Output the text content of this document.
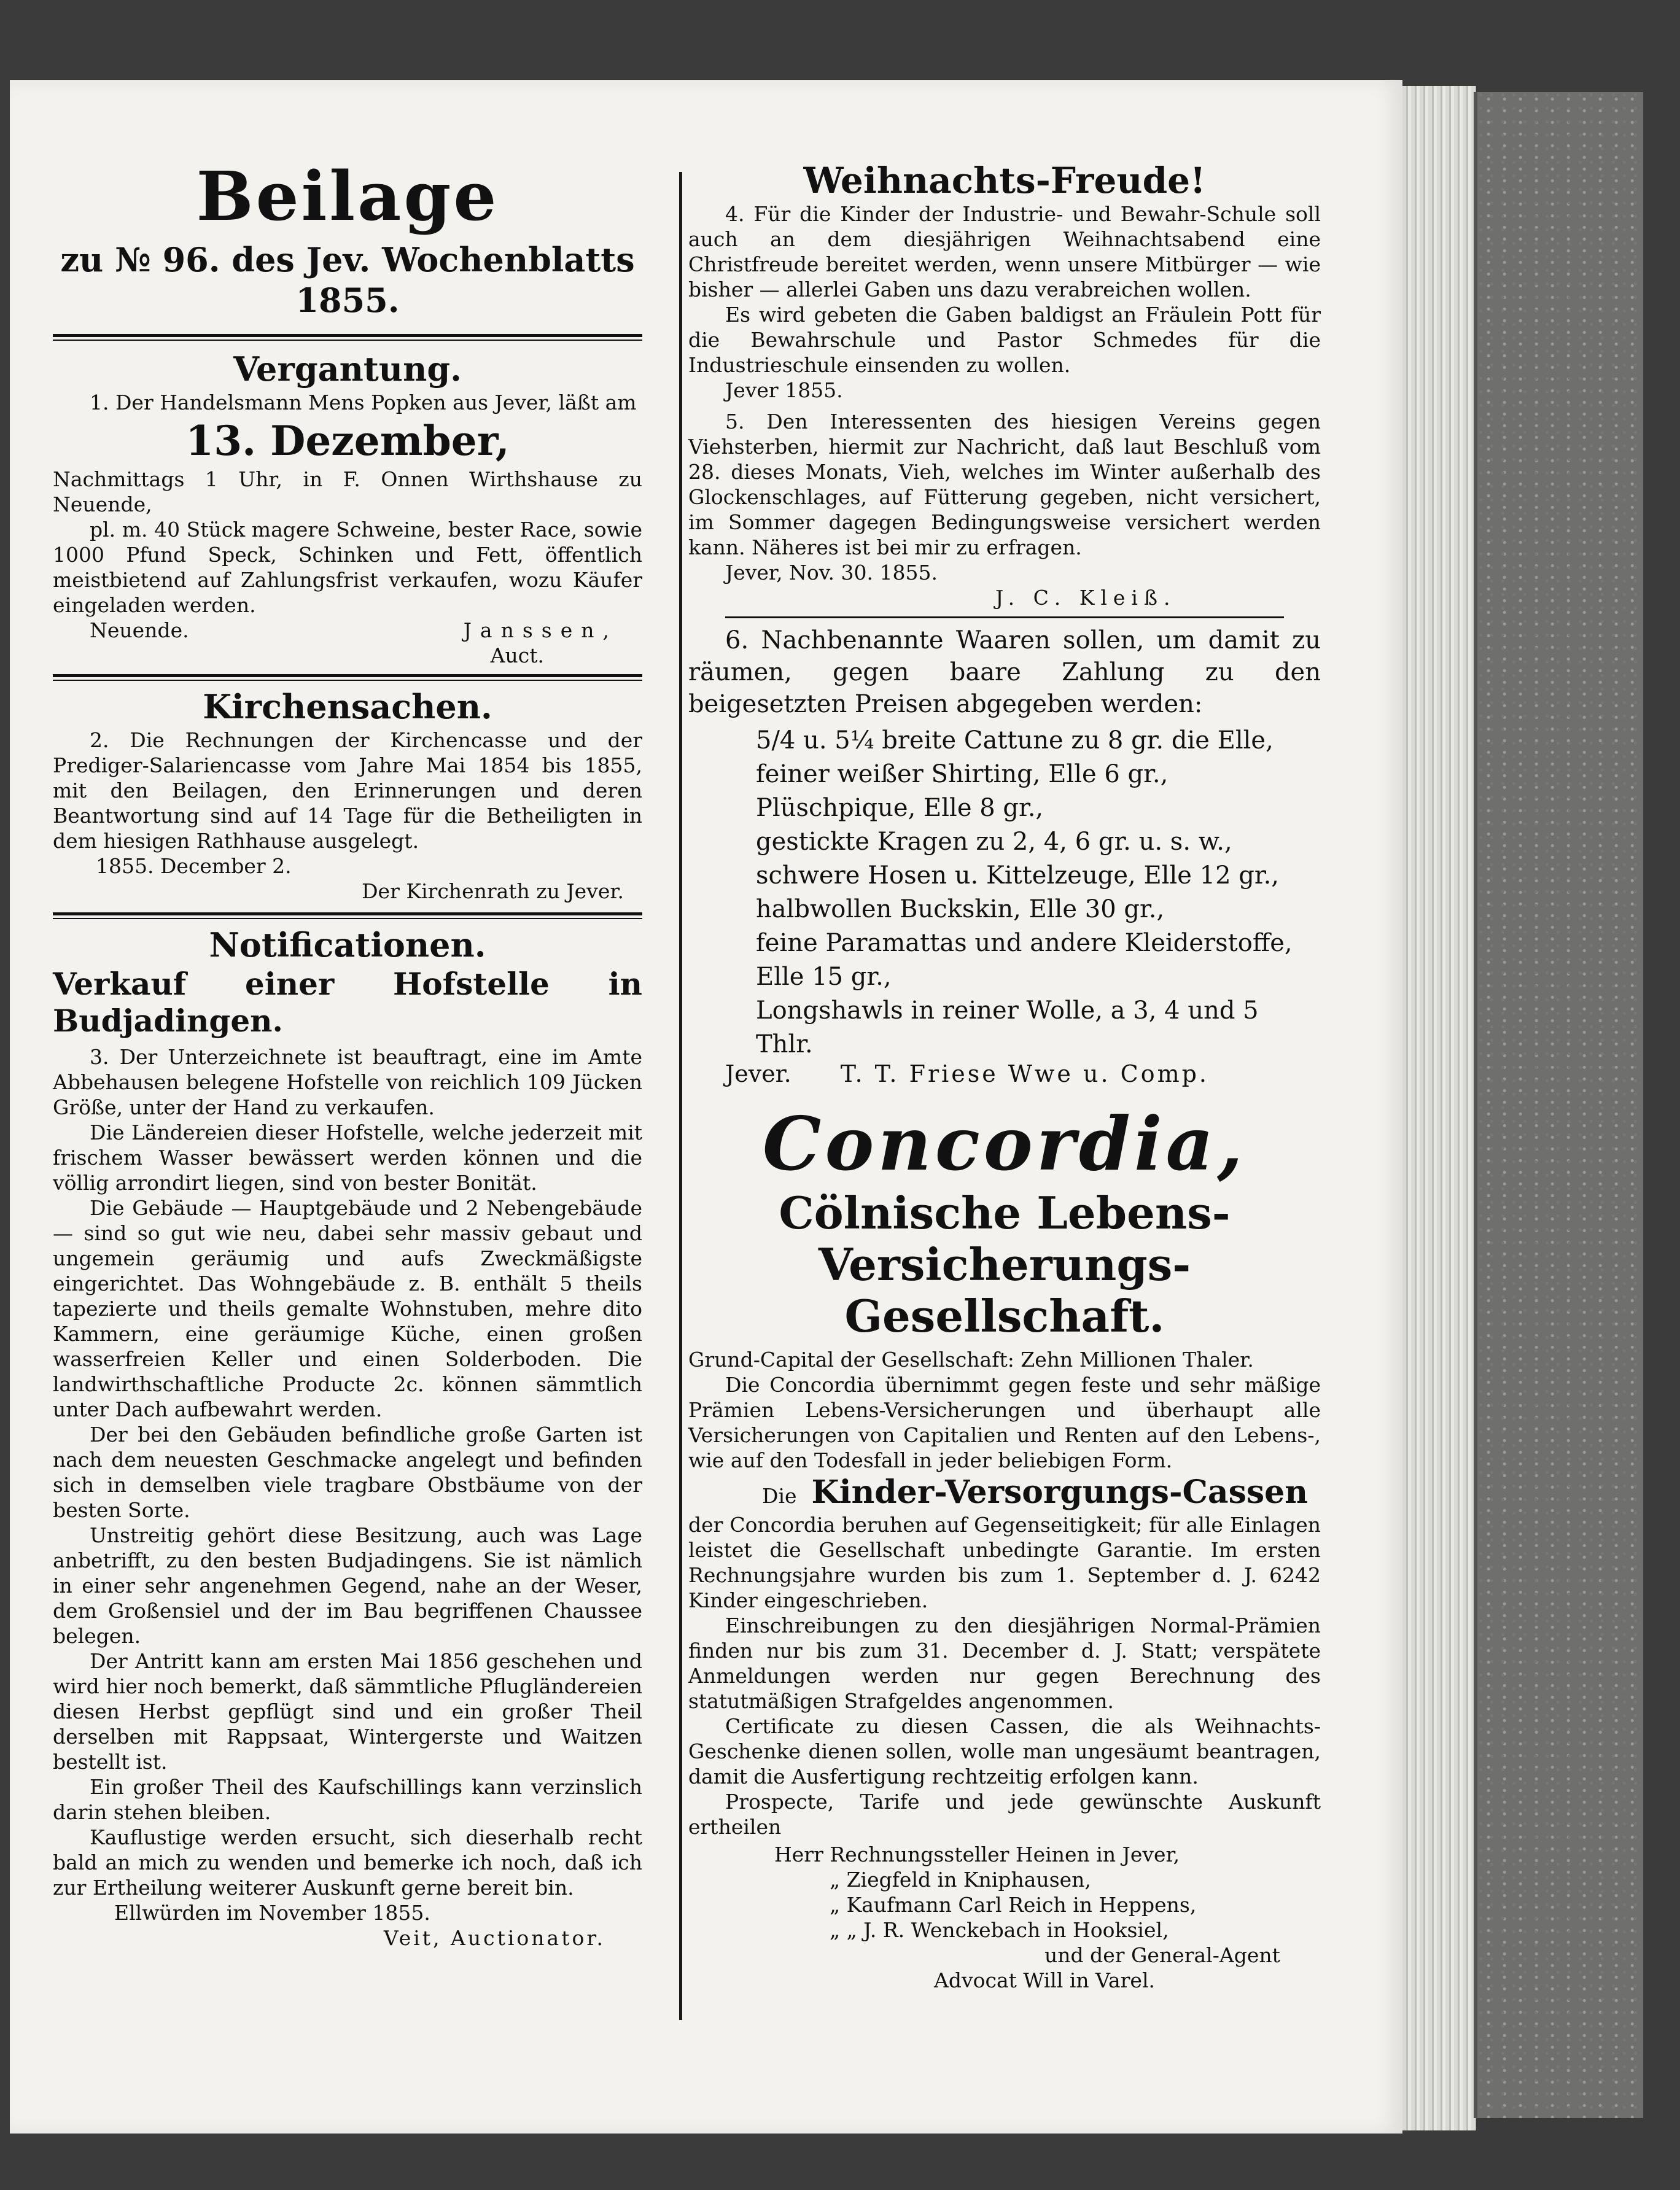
Beilage
zu № 96. des Jev. Wochenblatts 1855.
Vergantung.

1. Der Handelsmann Mens Popken aus Jever, läßt am

13. Dezember,

Nachmittags 1 Uhr, in F. Onnen Wirthshause zu Neuende,

pl. m. 40 Stück magere Schweine, bester Race, sowie 1000 Pfund Speck, Schinken und Fett, öffentlich meistbietend auf Zahlungsfrist verkaufen, wozu Käufer eingeladen werden.

Neuende.	Janssen,

Auct.

Kirchensachen.

2. Die Rechnungen der Kirchencasse und der Prediger-Salariencasse vom Jahre Mai 1854 bis 1855, mit den Beilagen, den Erinnerungen und deren Beantwortung sind auf 14 Tage für die Betheiligten in dem hiesigen Rathhause ausgelegt.

1855. December 2.

Der Kirchenrath zu Jever.

Notificationen.
Verkauf einer Hofstelle in Budjadingen.

3. Der Unterzeichnete ist beauftragt, eine im Amte Abbehausen belegene Hofstelle von reichlich 109 Jücken Größe, unter der Hand zu verkaufen.

Die Ländereien dieser Hofstelle, welche jederzeit mit frischem Wasser bewässert werden können und die völlig arrondirt liegen, sind von bester Bonität.

Die Gebäude — Hauptgebäude und 2 Nebengebäude — sind so gut wie neu, dabei sehr massiv gebaut und ungemein geräumig und aufs Zweckmäßigste eingerichtet. Das Wohngebäude z. B. enthält 5 theils tapezierte und theils gemalte Wohnstuben, mehre dito Kammern, eine geräumige Küche, einen großen wasserfreien Keller und einen Solderboden. Die landwirthschaftliche Producte 2c. können sämmtlich unter Dach aufbewahrt werden.

Der bei den Gebäuden befindliche große Garten ist nach dem neuesten Geschmacke angelegt und befinden sich in demselben viele tragbare Obstbäume von der besten Sorte.

Unstreitig gehört diese Besitzung, auch was Lage anbetrifft, zu den besten Budjadingens. Sie ist nämlich in einer sehr angenehmen Gegend, nahe an der Weser, dem Großensiel und der im Bau begriffenen Chaussee belegen.

Der Antritt kann am ersten Mai 1856 geschehen und wird hier noch bemerkt, daß sämmtliche Pflugländereien diesen Herbst gepflügt sind und ein großer Theil derselben mit Rappsaat, Wintergerste und Waitzen bestellt ist.

Ein großer Theil des Kaufschillings kann verzinslich darin stehen bleiben.

Kauflustige werden ersucht, sich dieserhalb recht bald an mich zu wenden und bemerke ich noch, daß ich zur Ertheilung weiterer Auskunft gerne bereit bin.

Ellwürden im November 1855.

Veit, Auctionator.

Weihnachts-Freude!

4. Für die Kinder der Industrie- und Bewahr-Schule soll auch an dem diesjährigen Weihnachtsabend eine Christfreude bereitet werden, wenn unsere Mitbürger — wie bisher — allerlei Gaben uns dazu verabreichen wollen.

Es wird gebeten die Gaben baldigst an Fräulein Pott für die Bewahrschule und Pastor Schmedes für die Industrieschule einsenden zu wollen.

Jever 1855.

5. Den Interessenten des hiesigen Vereins gegen Viehsterben, hiermit zur Nachricht, daß laut Beschluß vom 28. dieses Monats, Vieh, welches im Winter außerhalb des Glockenschlages, auf Fütterung gegeben, nicht versichert, im Sommer dagegen Bedingungsweise versichert werden kann. Näheres ist bei mir zu erfragen.

Jever, Nov. 30. 1855.

J. C. Kleiß.

6. Nachbenannte Waaren sollen, um damit zu räumen, gegen baare Zahlung zu den beigesetzten Preisen abgegeben werden:

5/4 u. 5¼ breite Cattune zu 8 gr. die Elle,

feiner weißer Shirting, Elle 6 gr.,

Plüschpique, Elle 8 gr.,

gestickte Kragen zu 2, 4, 6 gr. u. s. w.,

schwere Hosen u. Kittelzeuge, Elle 12 gr.,

halbwollen Buckskin, Elle 30 gr.,

feine Paramattas und andere Kleiderstoffe, Elle 15 gr.,

Longshawls in reiner Wolle, a 3, 4 und 5 Thlr.

Jever. T. T. Friese Wwe u. Comp.
Concordia,
Cölnische Lebens-Versicherungs-Gesellschaft.

Grund-Capital der Gesellschaft: Zehn Millionen Thaler.

Die Concordia übernimmt gegen feste und sehr mäßige Prämien Lebens-Versicherungen und überhaupt alle Versicherungen von Capitalien und Renten auf den Lebens-, wie auf den Todesfall in jeder beliebigen Form.

Die Kinder-Versorgungs-Cassen

der Concordia beruhen auf Gegenseitigkeit; für alle Einlagen leistet die Gesellschaft unbedingte Garantie. Im ersten Rechnungsjahre wurden bis zum 1. September d. J. 6242 Kinder eingeschrieben.

Einschreibungen zu den diesjährigen Normal-Prämien finden nur bis zum 31. December d. J. Statt; verspätete Anmeldungen werden nur gegen Berechnung des statutmäßigen Strafgeldes angenommen.

Certificate zu diesen Cassen, die als Weihnachts-Geschenke dienen sollen, wolle man ungesäumt beantragen, damit die Ausfertigung rechtzeitig erfolgen kann.

Prospecte, Tarife und jede gewünschte Auskunft ertheilen

Herr Rechnungssteller Heinen in Jever,

„ Ziegfeld in Kniphausen,

„ Kaufmann Carl Reich in Heppens,

„ „ J. R. Wenckebach in Hooksiel,

und der General-Agent

Advocat Will in Varel.
